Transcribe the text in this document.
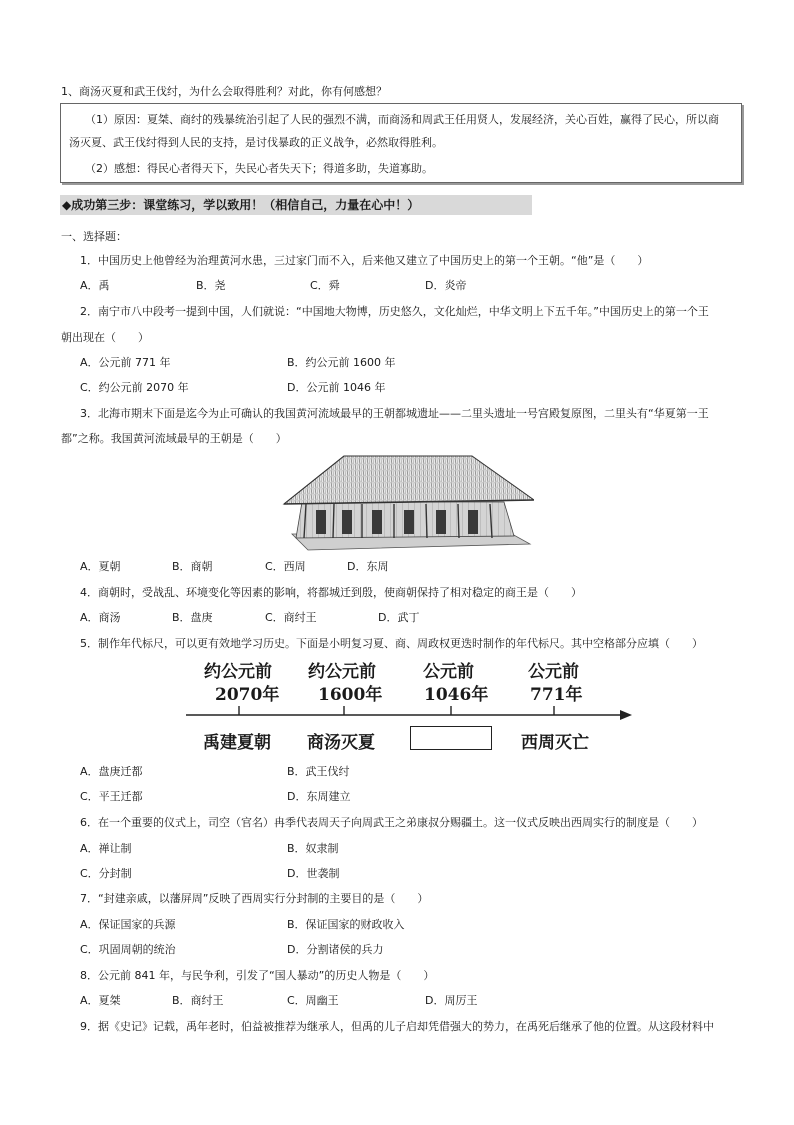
1、商汤灭夏和武王伐纣，为什么会取得胜利？对此，你有何感想？

（1）原因：夏桀、商纣的残暴统治引起了人民的强烈不满，而商汤和周武王任用贤人，发展经济，关心百姓，赢得了民心，所以商

汤灭夏、武王伐纣得到人民的支持，是讨伐暴政的正义战争，必然取得胜利。

（2）感想：得民心者得天下，失民心者失天下；得道多助，失道寡助。

◆成功第三步：课堂练习，学以致用！（相信自己，力量在心中！）
一、选择题：
1．中国历史上他曾经为治理黄河水患，三过家门而不入，后来他又建立了中国历史上的第一个王朝。“他”是（　　）
A．禹	B．尧	C．舜	D．炎帝
2．南宁市八中段考一提到中国，人们就说：“中国地大物博，历史悠久，文化灿烂，中华文明上下五千年。”中国历史上的第一个王
朝出现在（　　）
A．公元前 771 年	B．约公元前 1600 年
C．约公元前 2070 年	D．公元前 1046 年
3．北海市期末下面是迄今为止可确认的我国黄河流域最早的王朝都城遗址——二里头遗址一号宫殿复原图，二里头有“华夏第一王
都”之称。我国黄河流域最早的王朝是（　　）
A．夏朝	B．商朝	C．西周	D．东周
4．商朝时，受战乱、环境变化等因素的影响，将都城迁到殷，使商朝保持了相对稳定的商王是（　　）
A．商汤	B．盘庚	C．商纣王	D．武丁
5．制作年代标尺，可以更有效地学习历史。下面是小明复习夏、商、周政权更迭时制作的年代标尺。其中空格部分应填（　　）
约公元前
2070年
约公元前
1600年
公元前
1046年
公元前
771年
禹建夏朝 商汤灭夏	西周灭亡
A．盘庚迁都	B．武王伐纣
C．平王迁都	D．东周建立
6．在一个重要的仪式上，司空（官名）冉季代表周天子向周武王之弟康叔分赐疆土。这一仪式反映出西周实行的制度是（　　）
A．禅让制	B．奴隶制
C．分封制	D．世袭制
7．“封建亲戚，以藩屏周”反映了西周实行分封制的主要目的是（　　）
A．保证国家的兵源	B．保证国家的财政收入
C．巩固周朝的统治	D．分割诸侯的兵力
8．公元前 841 年，与民争利，引发了“国人暴动”的历史人物是（　　）
A．夏桀	B．商纣王	C．周幽王	D．周厉王
9．据《史记》记载，禹年老时，伯益被推荐为继承人，但禹的儿子启却凭借强大的势力，在禹死后继承了他的位置。从这段材料中
